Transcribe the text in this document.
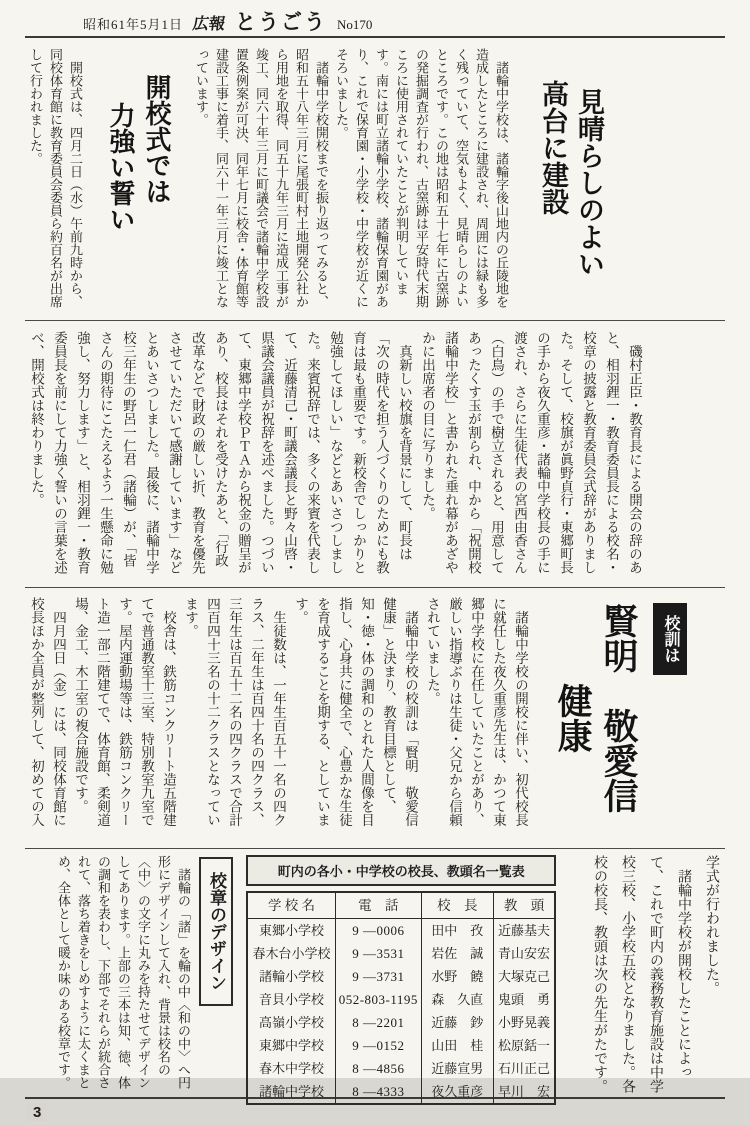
昭和61年5月1日 広報 とうごう No170
見晴らしのよい
高台に建設

　諸輪中学校は、諸輪字後山地内の丘陵地を造成したところに建設され、周囲には緑も多く残っていて、空気もよく、見晴らしのよいところです。この地は昭和五十七年に古窯跡の発掘調査が行われ、古窯跡は平安時代末期ころに使用されていたことが判明しています。南には町立諸輪小学校、諸輪保育園があり、これで保育園・小学校・中学校が近くにそろいました。

　諸輪中学校開校までを振り返ってみると、昭和五十八年三月に尾張町村土地開発公社から用地を取得、同五十九年三月に造成工事が竣工、同六十年三月に町議会で諸輪中学校設置条例案が可決、同年七月に校舎・体育館等建設工事に着手、同六十一年三月に竣工となっています。

開校式では
力強い誓い

　開校式は、四月二日（水）午前九時から、同校体育館に教育委員会委員ら約百名が出席して行われました。

　磯村正臣・教育長による開会の辞のあと、相羽鋰一・教育委員長による校名・校章の披露と教育委員会式辞がありました。そして、校旗が眞野貞行・東郷町長の手から夜久重彦・諸輪中学校長の手に渡され、さらに生徒代表の宮西由香さん（白鳥）の手で樹立されると、用意してあったくす玉が割られ、中から「祝開校諸輪中学校」と書かれた垂れ幕があざやかに出席者の目に写りました。

　真新しい校旗を背景にして、町長は「次の時代を担う人づくりのためにも教育は最も重要です。新校舎でしっかりと勉強してほしい」などとあいさつしました。来賓祝辞では、多くの来賓を代表して、近藤清己・町議会議長と野々山啓・県議会議員が祝辞を述べました。つづいて、東郷中学校ＰＴＡから祝金の贈呈があり、校長はそれを受けたあと、「行政改革などで財政の厳しい折、教育を優先させていただいて感謝しています」などとあいさつしました。最後に、諸輪中学校三年生の野呂一仁君（諸輪）が、「皆さんの期待にこたえるよう一生懸命に勉強し、努力します」と、相羽鋰一・教育委員長を前にして力強く誓いの言葉を述べ、開校式は終わりました。

校訓は
賢明　敬愛信
健康

　諸輪中学校の開校に伴い、初代校長に就任した夜久重彦先生は、かつて東郷中学校に在任していたことがあり、厳しい指導ぶりは生徒・父兄から信頼されていました。

　諸輪中学校の校訓は「賢明　敬愛信　健康」と決まり、教育目標として、知・徳・体の調和のとれた人間像を目指し、心身共に健全で、心豊かな生徒を育成することを期する、としています。

　生徒数は、一年生百五十一名の四クラス、二年生は百四十名の四クラス、三年生は百五十二名の四クラスで合計四百四十三名の十二クラスとなっています。

　校舎は、鉄筋コンクリート造五階建てで普通教室十三室、特別教室九室です。屋内運動場等は、鉄筋コンクリート造一部二階建てで、体育館、柔剣道場、金工、木工室の複合施設です。

　四月四日（金）には、同校体育館に校長ほか全員が整列して、初めての入

　諸輪の「諸」を輪の中〈和の中〉へ円形にデザインして入れ、背景は校名の〈中〉の文字に丸みを持たせてデザインしてあります。上部の三本は知、徳、体の調和を表わし、下部でそれらが統合されて、落ち着きをしめすように太くまとめ、全体として暖か味のある校章です。	校章のデザイン
町内の各小・中学校の校長、教頭名一覧表
学 校 名	電　話	校　長	教　頭
東郷小学校	9 —0006	田中　孜	近藤基夫
春木台小学校	9 —3531	岩佐　誠	青山安宏
諸輪小学校	9 —3731	水野　饒	大塚克己
音貝小学校	052-803-1195	森　久直	鬼頭　勇
高嶺小学校	8 —2201	近藤　鈔	小野晃義
東郷中学校	9 —0152	山田　桂	松原銛一
春木中学校	8 —4856	近藤宣男	石川正己
諸輪中学校	8 —4333	夜久重彦	早川　宏

学式が行われました。

　諸輪中学校が開校したことによって、これで町内の義務教育施設は中学校三校、小学校五校となりました。各校の校長、教頭は次の先生がたです。

3
